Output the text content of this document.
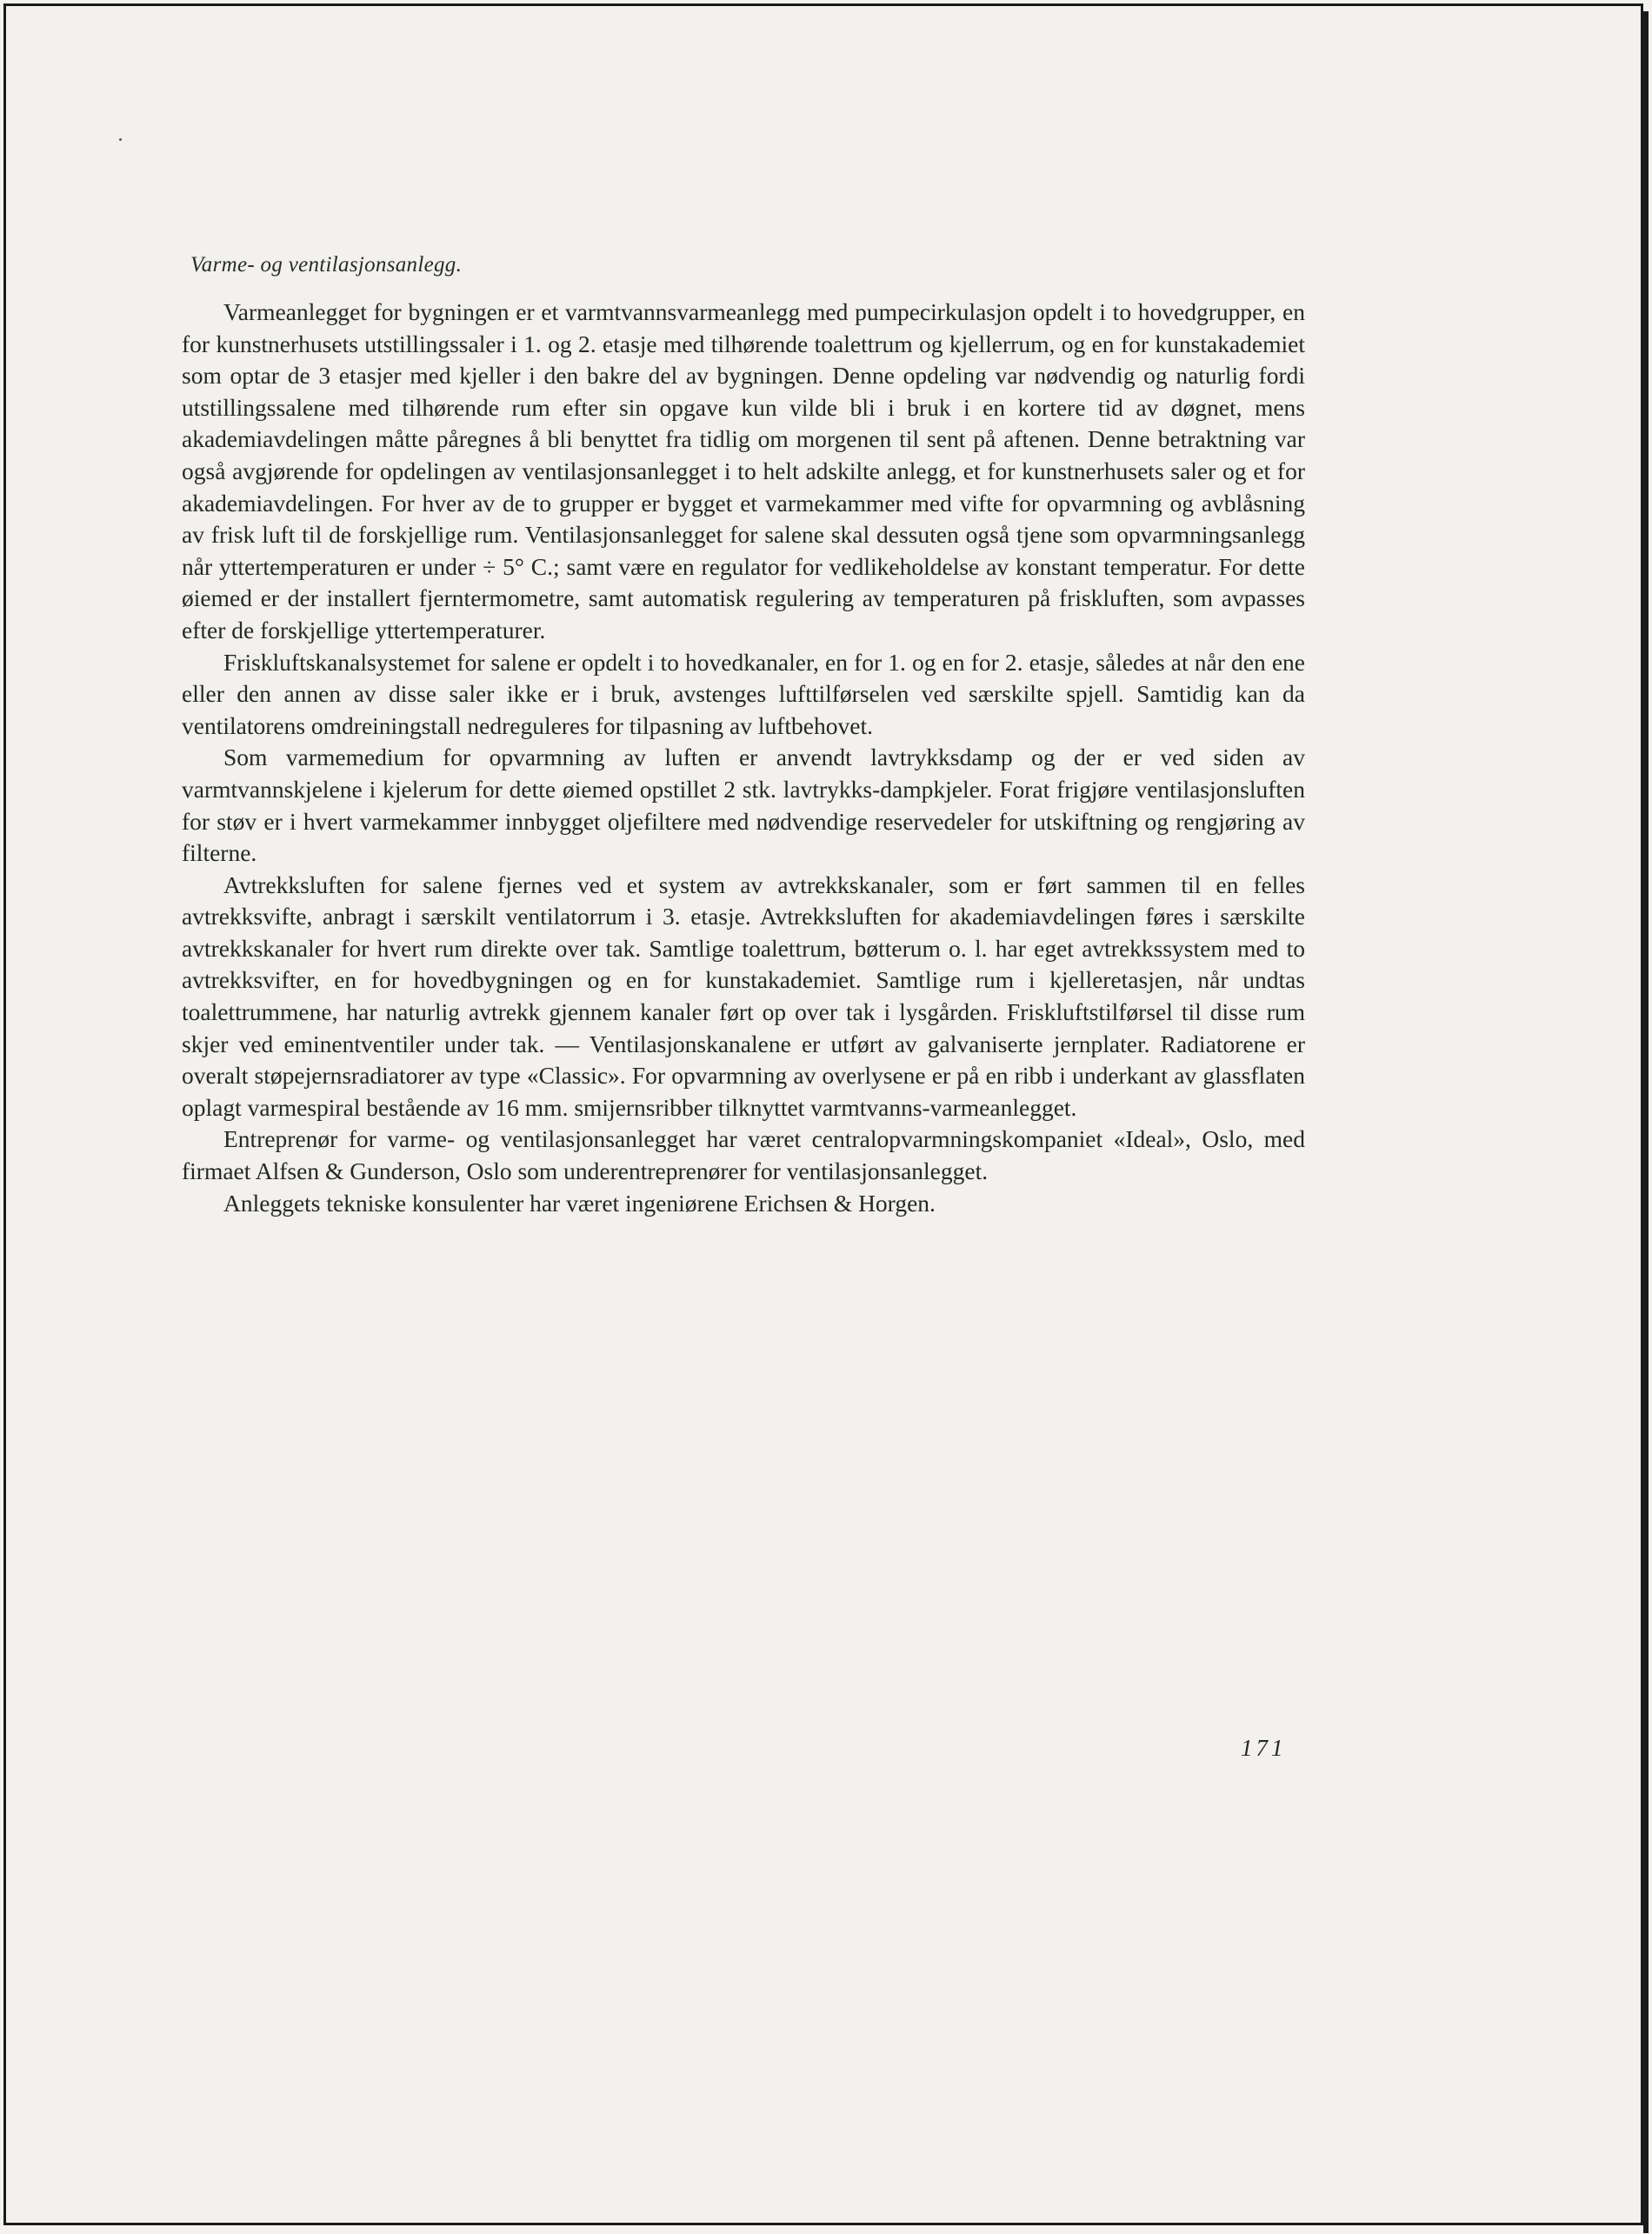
Varme- og ventilasjonsanlegg.

Varmeanlegget for bygningen er et varmtvannsvarmeanlegg med pumpecirkulasjon opdelt i to hovedgrupper, en for kunstnerhusets utstillingssaler i 1. og 2. etasje med tilhørende toalettrum og kjellerrum, og en for kunstakademiet som optar de 3 etasjer med kjeller i den bakre del av bygningen. Denne opdeling var nødvendig og naturlig fordi utstillingssalene med tilhørende rum efter sin opgave kun vilde bli i bruk i en kortere tid av døgnet, mens akademiavdelingen måtte påregnes å bli benyttet fra tidlig om morgenen til sent på aftenen. Denne betraktning var også avgjørende for opdelingen av ventilasjonsanlegget i to helt adskilte anlegg, et for kunstnerhusets saler og et for akademiavdelingen. For hver av de to grupper er bygget et varmekammer med vifte for opvarmning og avblåsning av frisk luft til de forskjellige rum. Ventilasjonsanlegget for salene skal dessuten også tjene som opvarmningsanlegg når yttertemperaturen er under ÷ 5° C.; samt være en regulator for vedlikeholdelse av konstant temperatur. For dette øiemed er der installert fjerntermometre, samt automatisk regulering av temperaturen på friskluften, som avpasses efter de forskjellige yttertemperaturer.

Friskluftskanalsystemet for salene er opdelt i to hovedkanaler, en for 1. og en for 2. etasje, således at når den ene eller den annen av disse saler ikke er i bruk, avstenges lufttilførselen ved særskilte spjell. Samtidig kan da ventilatorens omdreiningstall nedreguleres for tilpasning av luftbehovet.

Som varmemedium for opvarmning av luften er anvendt lavtrykksdamp og der er ved siden av varmtvannskjelene i kjelerum for dette øiemed opstillet 2 stk. lavtrykks-dampkjeler. Forat frigjøre ventilasjonsluften for støv er i hvert varmekammer innbygget oljefiltere med nødvendige reservedeler for utskiftning og rengjøring av filterne.

Avtrekksluften for salene fjernes ved et system av avtrekkskanaler, som er ført sammen til en felles avtrekksvifte, anbragt i særskilt ventilatorrum i 3. etasje. Avtrekksluften for akademiavdelingen føres i særskilte avtrekkskanaler for hvert rum direkte over tak. Samtlige toalettrum, bøtterum o. l. har eget avtrekkssystem med to avtrekksvifter, en for hovedbygningen og en for kunstakademiet. Samtlige rum i kjelleretasjen, når undtas toalettrummene, har naturlig avtrekk gjennem kanaler ført op over tak i lysgården. Friskluftstilførsel til disse rum skjer ved eminentventiler under tak. — Ventilasjonskanalene er utført av galvaniserte jernplater. Radiatorene er overalt støpejernsradiatorer av type «Classic». For opvarmning av overlysene er på en ribb i underkant av glassflaten oplagt varmespiral bestående av 16 mm. smijernsribber tilknyttet varmtvanns-varmeanlegget.

Entreprenør for varme- og ventilasjonsanlegget har været centralopvarmningskompaniet «Ideal», Oslo, med firmaet Alfsen & Gunderson, Oslo som underentreprenører for ventilasjonsanlegget.

Anleggets tekniske konsulenter har været ingeniørene Erichsen & Horgen.

171
